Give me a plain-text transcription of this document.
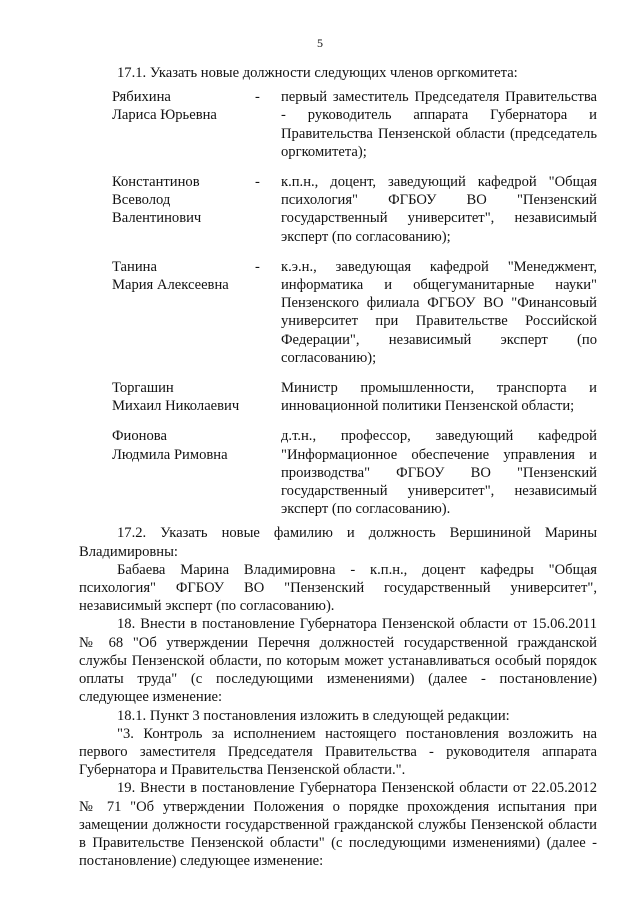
5

17.1. Указать новые должности следующих членов оргкомитета:

Рябихина
Лариса Юрьевна
-	первый заместитель Председателя Правительства - руководитель аппарата Губернатора и Правительства Пензенской области (председатель оргкомитета);
Константинов
Всеволод Валентинович
-	к.п.н., доцент, заведующий кафедрой "Общая психология" ФГБОУ ВО "Пензенский государственный университет", независимый эксперт (по согласованию);
Танина
Мария Алексеевна
-	к.э.н., заведующая кафедрой "Менеджмент, информатика и общегуманитарные науки" Пензенского филиала ФГБОУ ВО "Финансовый университет при Правительстве Российской Федерации", независимый эксперт (по согласованию);
Торгашин
Михаил Николаевич
Министр промышленности, транспорта и инновационной политики Пензенской области;
Фионова
Людмила Римовна
д.т.н., профессор, заведующий кафедрой "Информационное обеспечение управления и производства" ФГБОУ ВО "Пензенский государственный университет", независимый эксперт (по согласованию).

17.2. Указать новые фамилию и должность Вершининой Марины Владимировны:

Бабаева Марина Владимировна - к.п.н., доцент кафедры "Общая психология" ФГБОУ ВО "Пензенский государственный университет", независимый эксперт (по согласованию).

18. Внести в постановление Губернатора Пензенской области от 15.06.2011 № 68 "Об утверждении Перечня должностей государственной гражданской службы Пензенской области, по которым может устанавливаться особый порядок оплаты труда" (с последующими изменениями) (далее - постановление) следующее изменение:

18.1. Пункт 3 постановления изложить в следующей редакции:

"3. Контроль за исполнением настоящего постановления возложить на первого заместителя Председателя Правительства - руководителя аппарата Губернатора и Правительства Пензенской области.".

19. Внести в постановление Губернатора Пензенской области от 22.05.2012 № 71 "Об утверждении Положения о порядке прохождения испытания при замещении должности государственной гражданской службы Пензенской области в Правительстве Пензенской области" (с последующими изменениями) (далее - постановление) следующее изменение:
